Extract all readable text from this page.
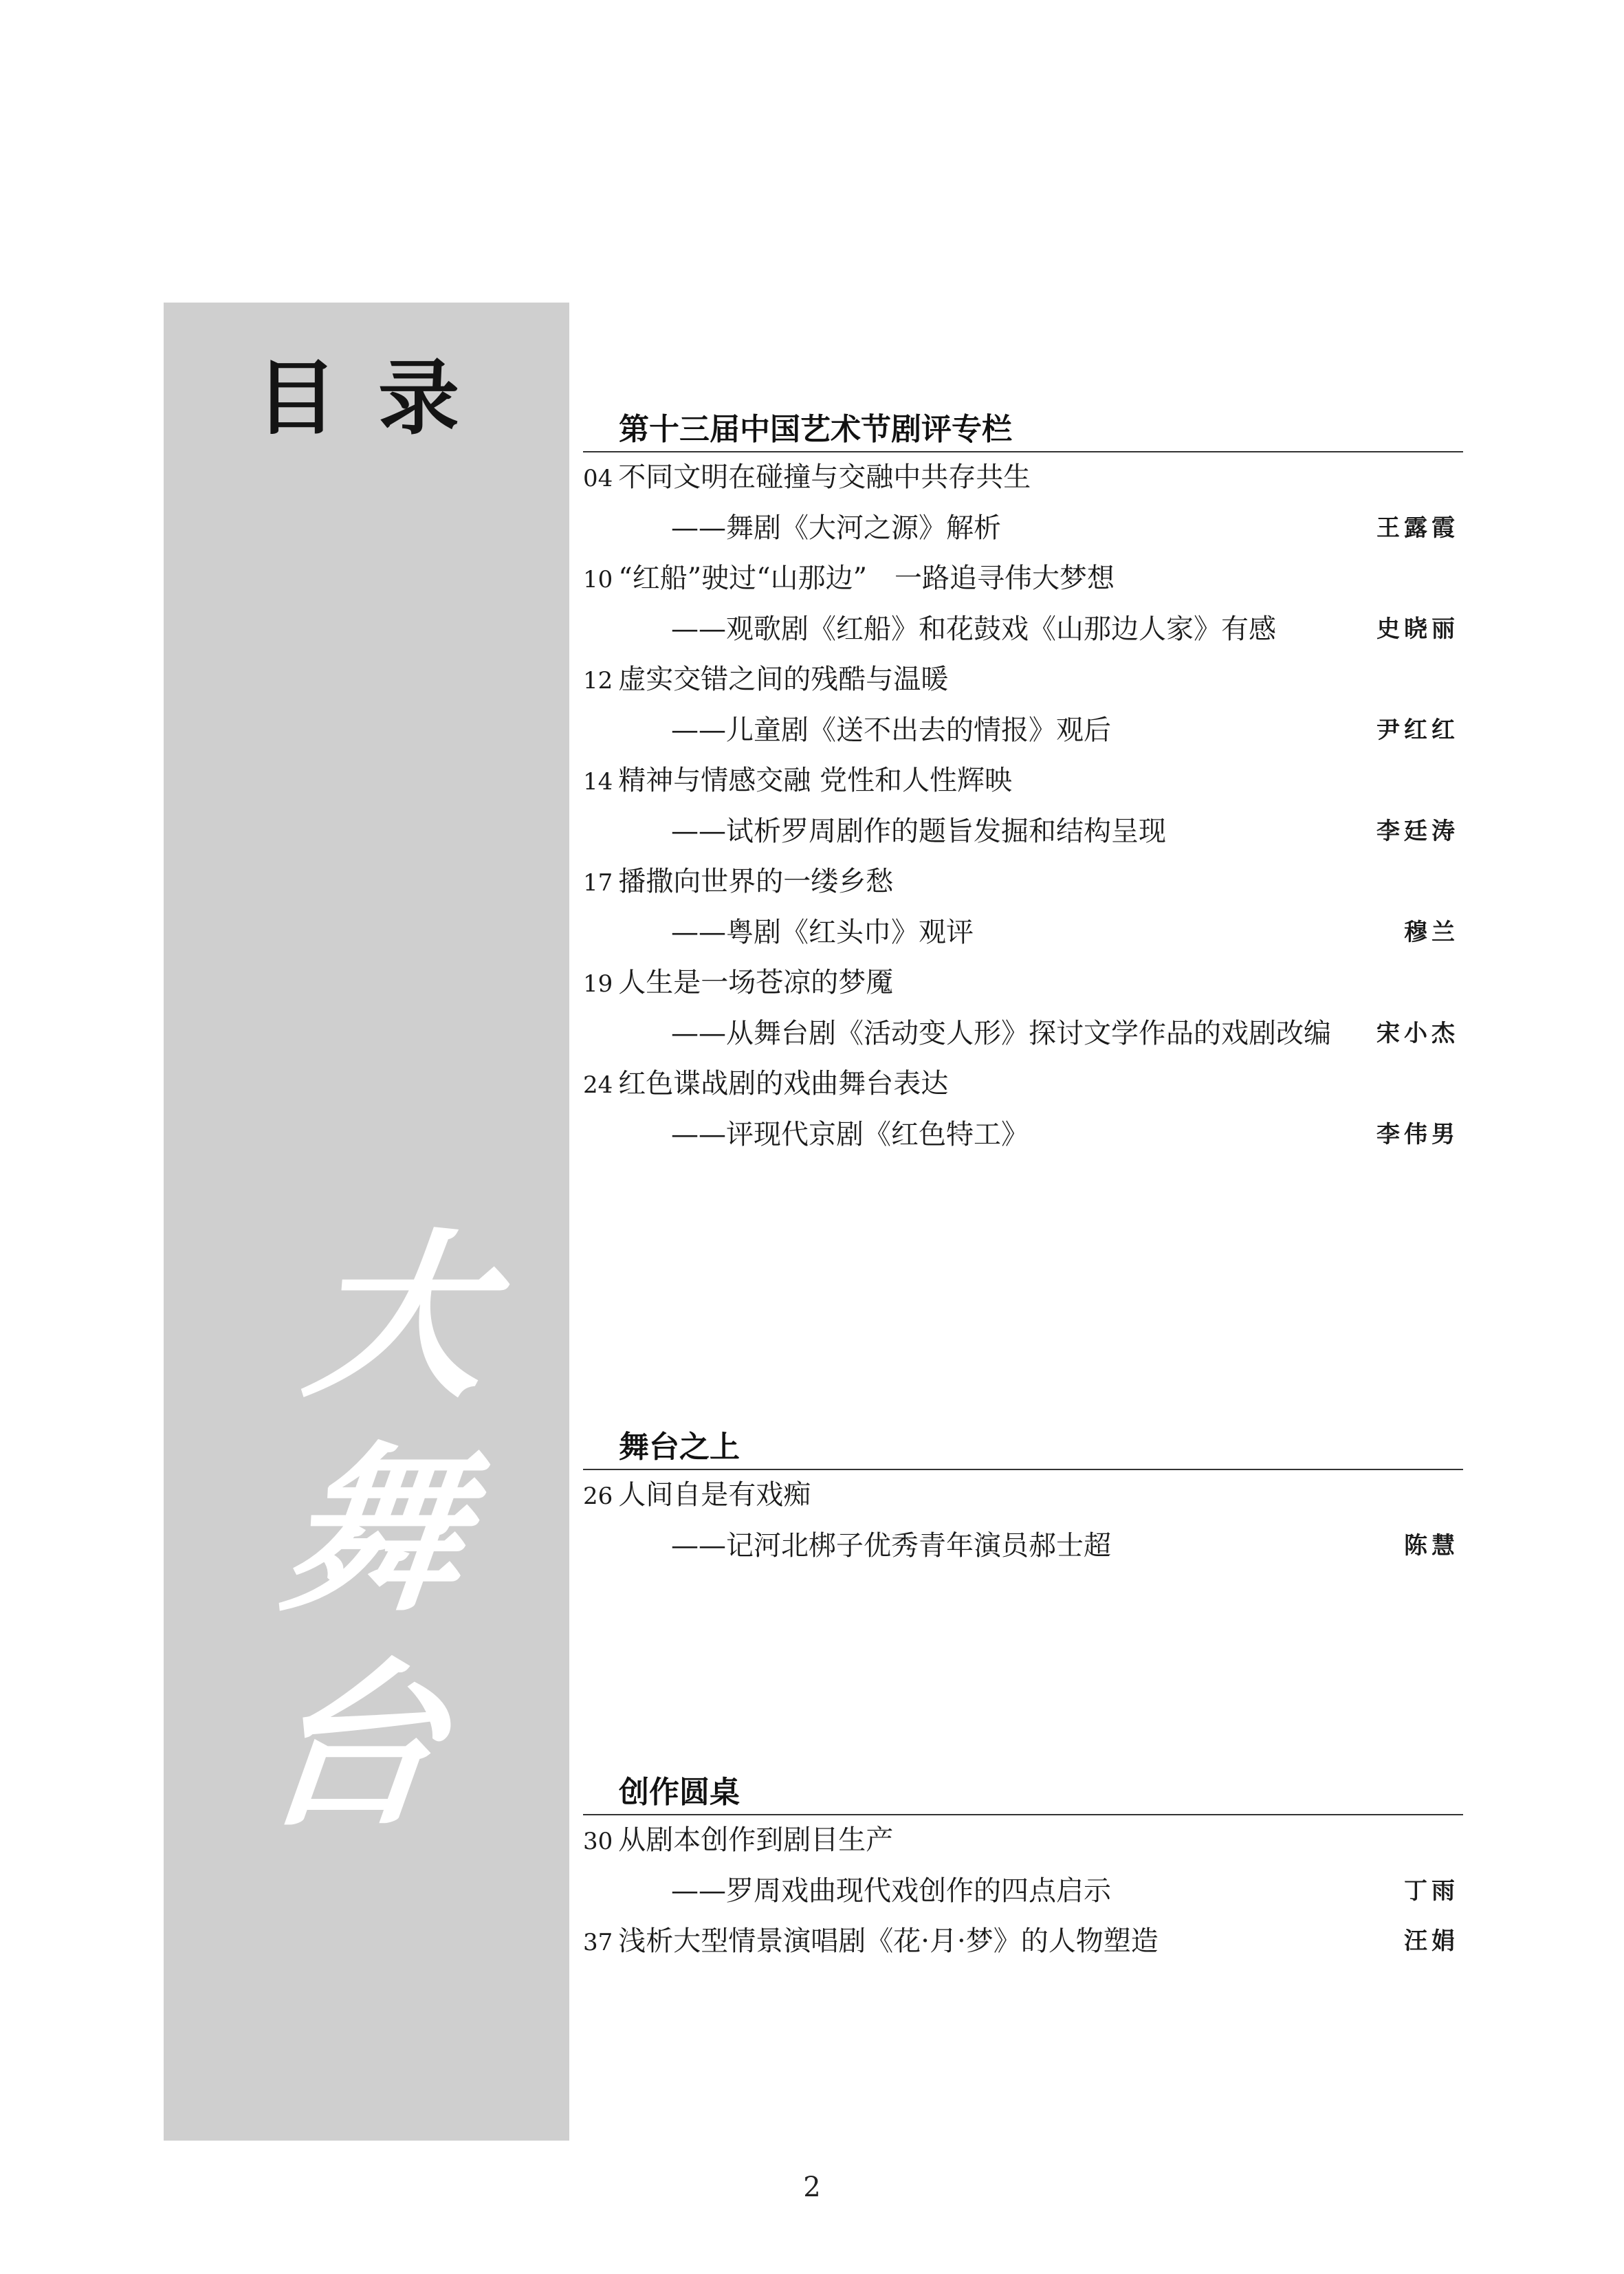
目录
大
舞
台
第十三届中国艺术节剧评专栏
04 不同文明在碰撞与交融中共存共生
——舞剧《大河之源》解析	王露霞
10 “红船”驶过“山那边”　一路追寻伟大梦想
——观歌剧《红船》和花鼓戏《山那边人家》有感	史晓丽
12 虚实交错之间的残酷与温暖
——儿童剧《送不出去的情报》观后	尹红红
14 精神与情感交融 党性和人性辉映
——试析罗周剧作的题旨发掘和结构呈现	李廷涛
17 播撒向世界的一缕乡愁
——粤剧《红头巾》观评	穆兰
19 人生是一场苍凉的梦魇
——从舞台剧《活动变人形》探讨文学作品的戏剧改编 宋小杰
24 红色谍战剧的戏曲舞台表达
——评现代京剧《红色特工》	李伟男
舞台之上
26 人间自是有戏痴
——记河北梆子优秀青年演员郝士超	陈慧
创作圆桌
30 从剧本创作到剧目生产
——罗周戏曲现代戏创作的四点启示	丁雨
37 浅析大型情景演唱剧《花·月·梦》的人物塑造	汪娟
2
